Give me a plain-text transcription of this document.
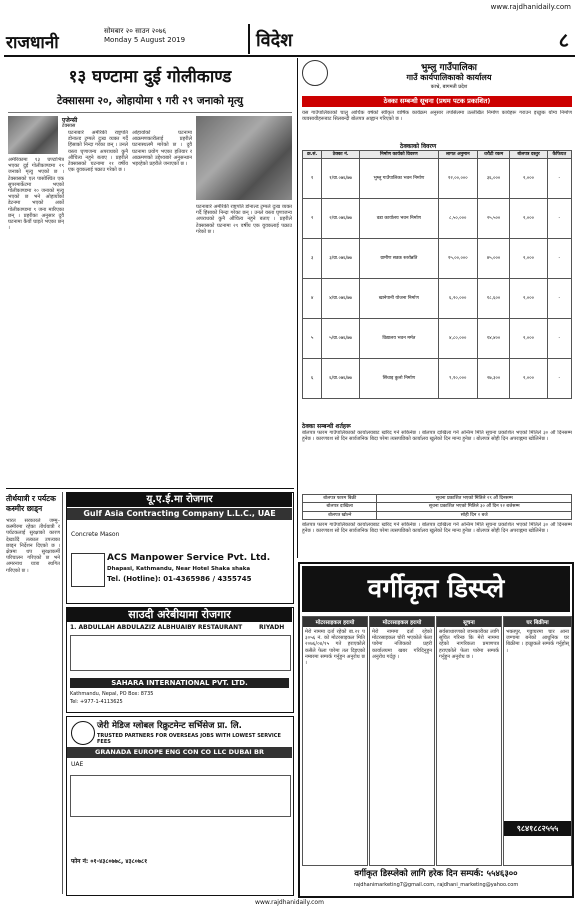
www.rajdhanidaily.com
राजधानी
सोमबार २० साउन २०७६
Monday 5 August 2019	विदेश	८
१३ घण्टामा दुई गोलीकाण्ड
टेक्सासमा २०, ओहायोमा ९ गरी २९ जनाको मृत्यु
एजेन्सी
टेक्सास
अमेरिकामा १३ घण्टाभित्र भएका दुई गोलीकाण्डमा २९ जनाको मृत्यु भएको छ । टेक्सासको एल पासोस्थित एक सुपरमार्केटमा भएको गोलीकाण्डमा २० जनाको मृत्यु भएको छ भने ओहायोको डेटनमा भएको अर्को गोलीकाण्डमा ९ जना मारिएका छन् । प्रहरीका अनुसार दुवै घटनामा कैयौं घाइते भएका छन् ।
घटनाबारे अमेरिकी राष्ट्रपति डोनाल्ड ट्रम्पले दुःख व्यक्त गर्दै हिंसाको निन्दा गरेका छन् । उनले यस्ता घृणाजन्य अपराधको कुनै औचित्य नहुने बताए । प्रहरीले टेक्सासको घटनामा २१ वर्षीय एक युवकलाई पक्राउ गरेको छ ।
ओहायोको घटनामा आक्रमणकारीलाई प्रहरीले घटनास्थलमै मारेको छ । दुवै घटनामा प्रयोग भएका हतियार र आक्रमणको उद्देश्यबारे अनुसन्धान भइरहेको प्रहरीले जनाएको छ ।
घटनाबारे अमेरिकी राष्ट्रपति डोनाल्ड ट्रम्पले दुःख व्यक्त गर्दै हिंसाको निन्दा गरेका छन् । उनले यस्ता घृणाजन्य अपराधको कुनै औचित्य नहुने बताए । प्रहरीले टेक्सासको घटनामा २१ वर्षीय एक युवकलाई पक्राउ गरेको छ ।
तीर्थयात्री र पर्यटक कस्मीर छाड्न
भारत सरकारले जम्मु–कस्मीरमा रहेका तीर्थयात्री र पर्यटकलाई सुरक्षाको कारण देखाउँदै तत्काल उपत्यका छाड्न निर्देशन दिएको छ । क्षेत्रमा थप सुरक्षाकर्मी परिचालन गरिएको छ भने अमरनाथ यात्रा स्थगित गरिएको छ ।
यू.ए.ई.मा रोजगार
Gulf Asia Contracting Company L.L.C., UAE
Concrete Mason
ACS Manpower Service Pvt. Ltd.
Dhapasi, Kathmandu, Near Hotel Shaka shaka
Tel. (Hotline): 01-4365986 / 4355745
साउदी अरेबीयामा रोजगार
1. ABDULLAH ABDULAZIZ ALBHUAIBY RESTAURANT	RIYADH
SAHARA INTERNATIONAL PVT. LTD.
Kathmandu, Nepal, PO Box: 8735
Tel: +977-1-4113625
जेरी मेडिज ग्लोबल रिक्रुटमेन्ट सर्भिसेज प्रा. लि.
TRUSTED PARTNERS FOR OVERSEAS JOBS WITH LOWEST SERVICE FEES
GRANADA EUROPE ENG CON CO LLC DUBAI BR
UAE
फोन नं: ०१-४३८०७७८, ४३८०७८१
भुम्लु गाउँपालिका
गाउँ कार्यपालिकाको कार्यालय
काभ्रे, बागमती प्रदेश
ठेक्का सम्बन्धी सूचना (प्रथम पटक प्रकाशित)
यस गाउँपालिकाको चालु आर्थिक वर्षको स्वीकृत वार्षिक कार्यक्रम अनुसार तपसिलमा उल्लेखित निर्माण कार्यहरू गराउन इच्छुक योग्य निर्माण व्यवसायीहरूबाट सिलबन्दी बोलपत्र आह्वान गरिएको छ ।
ठेक्काको विवरण
क्र.सं.	ठेक्का नं.	निर्माण कार्यको विवरण	लागत अनुमान	धरौटी रकम	बोलपत्र दस्तुर	कैफियत
१	१/ग्रा.०७६/७७	भुम्लु गाउँपालिका भवन निर्माण	१२,००,०००	३६,०००	२,०००	-
२	२/ग्रा.०७६/७७	वडा कार्यालय भवन निर्माण	८,५०,०००	२५,५००	२,०००	-
३	३/ग्रा.०७६/७७	ग्रामीण सडक स्तरोन्नति	१५,००,०००	४५,०००	२,०००	-
४	४/ग्रा.०७६/७७	खानेपानी योजना निर्माण	६,२०,०००	१८,६००	२,०००	-
५	५/ग्रा.०७६/७७	विद्यालय भवन मर्मत	४,८०,०००	१४,४००	२,०००	-
६	६/ग्रा.०७६/७७	सिंचाइ कुलो निर्माण	९,१०,०००	२७,३००	२,०००	-
ठेक्का सम्बन्धी शर्तहरू
बोलपत्र फारम गाउँपालिकाको कार्यालयबाट खरिद गर्न सकिनेछ । बोलपत्र दाखिला गर्ने अन्तिम मिति सूचना प्रकाशित भएको मितिले ३० औं दिनसम्म हुनेछ । कारणवश सो दिन सार्वजनिक बिदा परेमा त्यसपछिको कार्यालय खुलेको दिन मान्य हुनेछ । बोलपत्र सोही दिन अपराह्नमा खोलिनेछ ।
बोलपत्र फारम बिक्री	सूचना प्रकाशित भएको मितिले २९ औं दिनसम्म
बोलपत्र दाखिला	सूचना प्रकाशित भएको मितिले ३० औं दिन १२ बजेसम्म
बोलपत्र खोल्ने	सोही दिन २ बजे
बोलपत्र फारम गाउँपालिकाको कार्यालयबाट खरिद गर्न सकिनेछ । बोलपत्र दाखिला गर्ने अन्तिम मिति सूचना प्रकाशित भएको मितिले ३० औं दिनसम्म हुनेछ । कारणवश सो दिन सार्वजनिक बिदा परेमा त्यसपछिको कार्यालय खुलेको दिन मान्य हुनेछ । बोलपत्र सोही दिन अपराह्नमा खोलिनेछ ।
वर्गीकृत डिस्प्ले
मोटरसाइकल हरायो
मेरो नाममा दर्ता रहेको बा.२१ प ३०५६ नं. को मोटरसाइकल मिति २०७६/०४/१५ गते हराएकोले कसैले फेला पारेमा तल दिइएको नम्बरमा सम्पर्क गर्नुहुन अनुरोध छ ।
मोटरसाइकल हरायो
मेरो नाममा दर्ता रहेको मोटरसाइकल चोरी भएकोले फेला पारेमा नजिकको प्रहरी कार्यालयमा खबर गरिदिनुहुन अनुरोध गर्दछु ।
सूचना
सर्वसाधारणको जानकारीका लागि सूचित गरिन्छ कि मेरो नाममा रहेको नागरिकता प्रमाणपत्र हराएकोले फेला पारेमा सम्पर्क गर्नुहुन अनुरोध छ ।
घर बिक्रीमा
भक्तपुर, गठ्ठाघरमा चार आना जग्गामा बनेको आधुनिक घर बिक्रीमा । इच्छुकले सम्पर्क गर्नुहोस् ।
९८४१८८२५५५
वर्गीकृत डिस्प्लेको लागि हरेक दिन सम्पर्क: ५५४६३००
rajdhanimarketing7@gmail.com, rajdhani_marketing@yahoo.com
www.rajdhanidaily.com
